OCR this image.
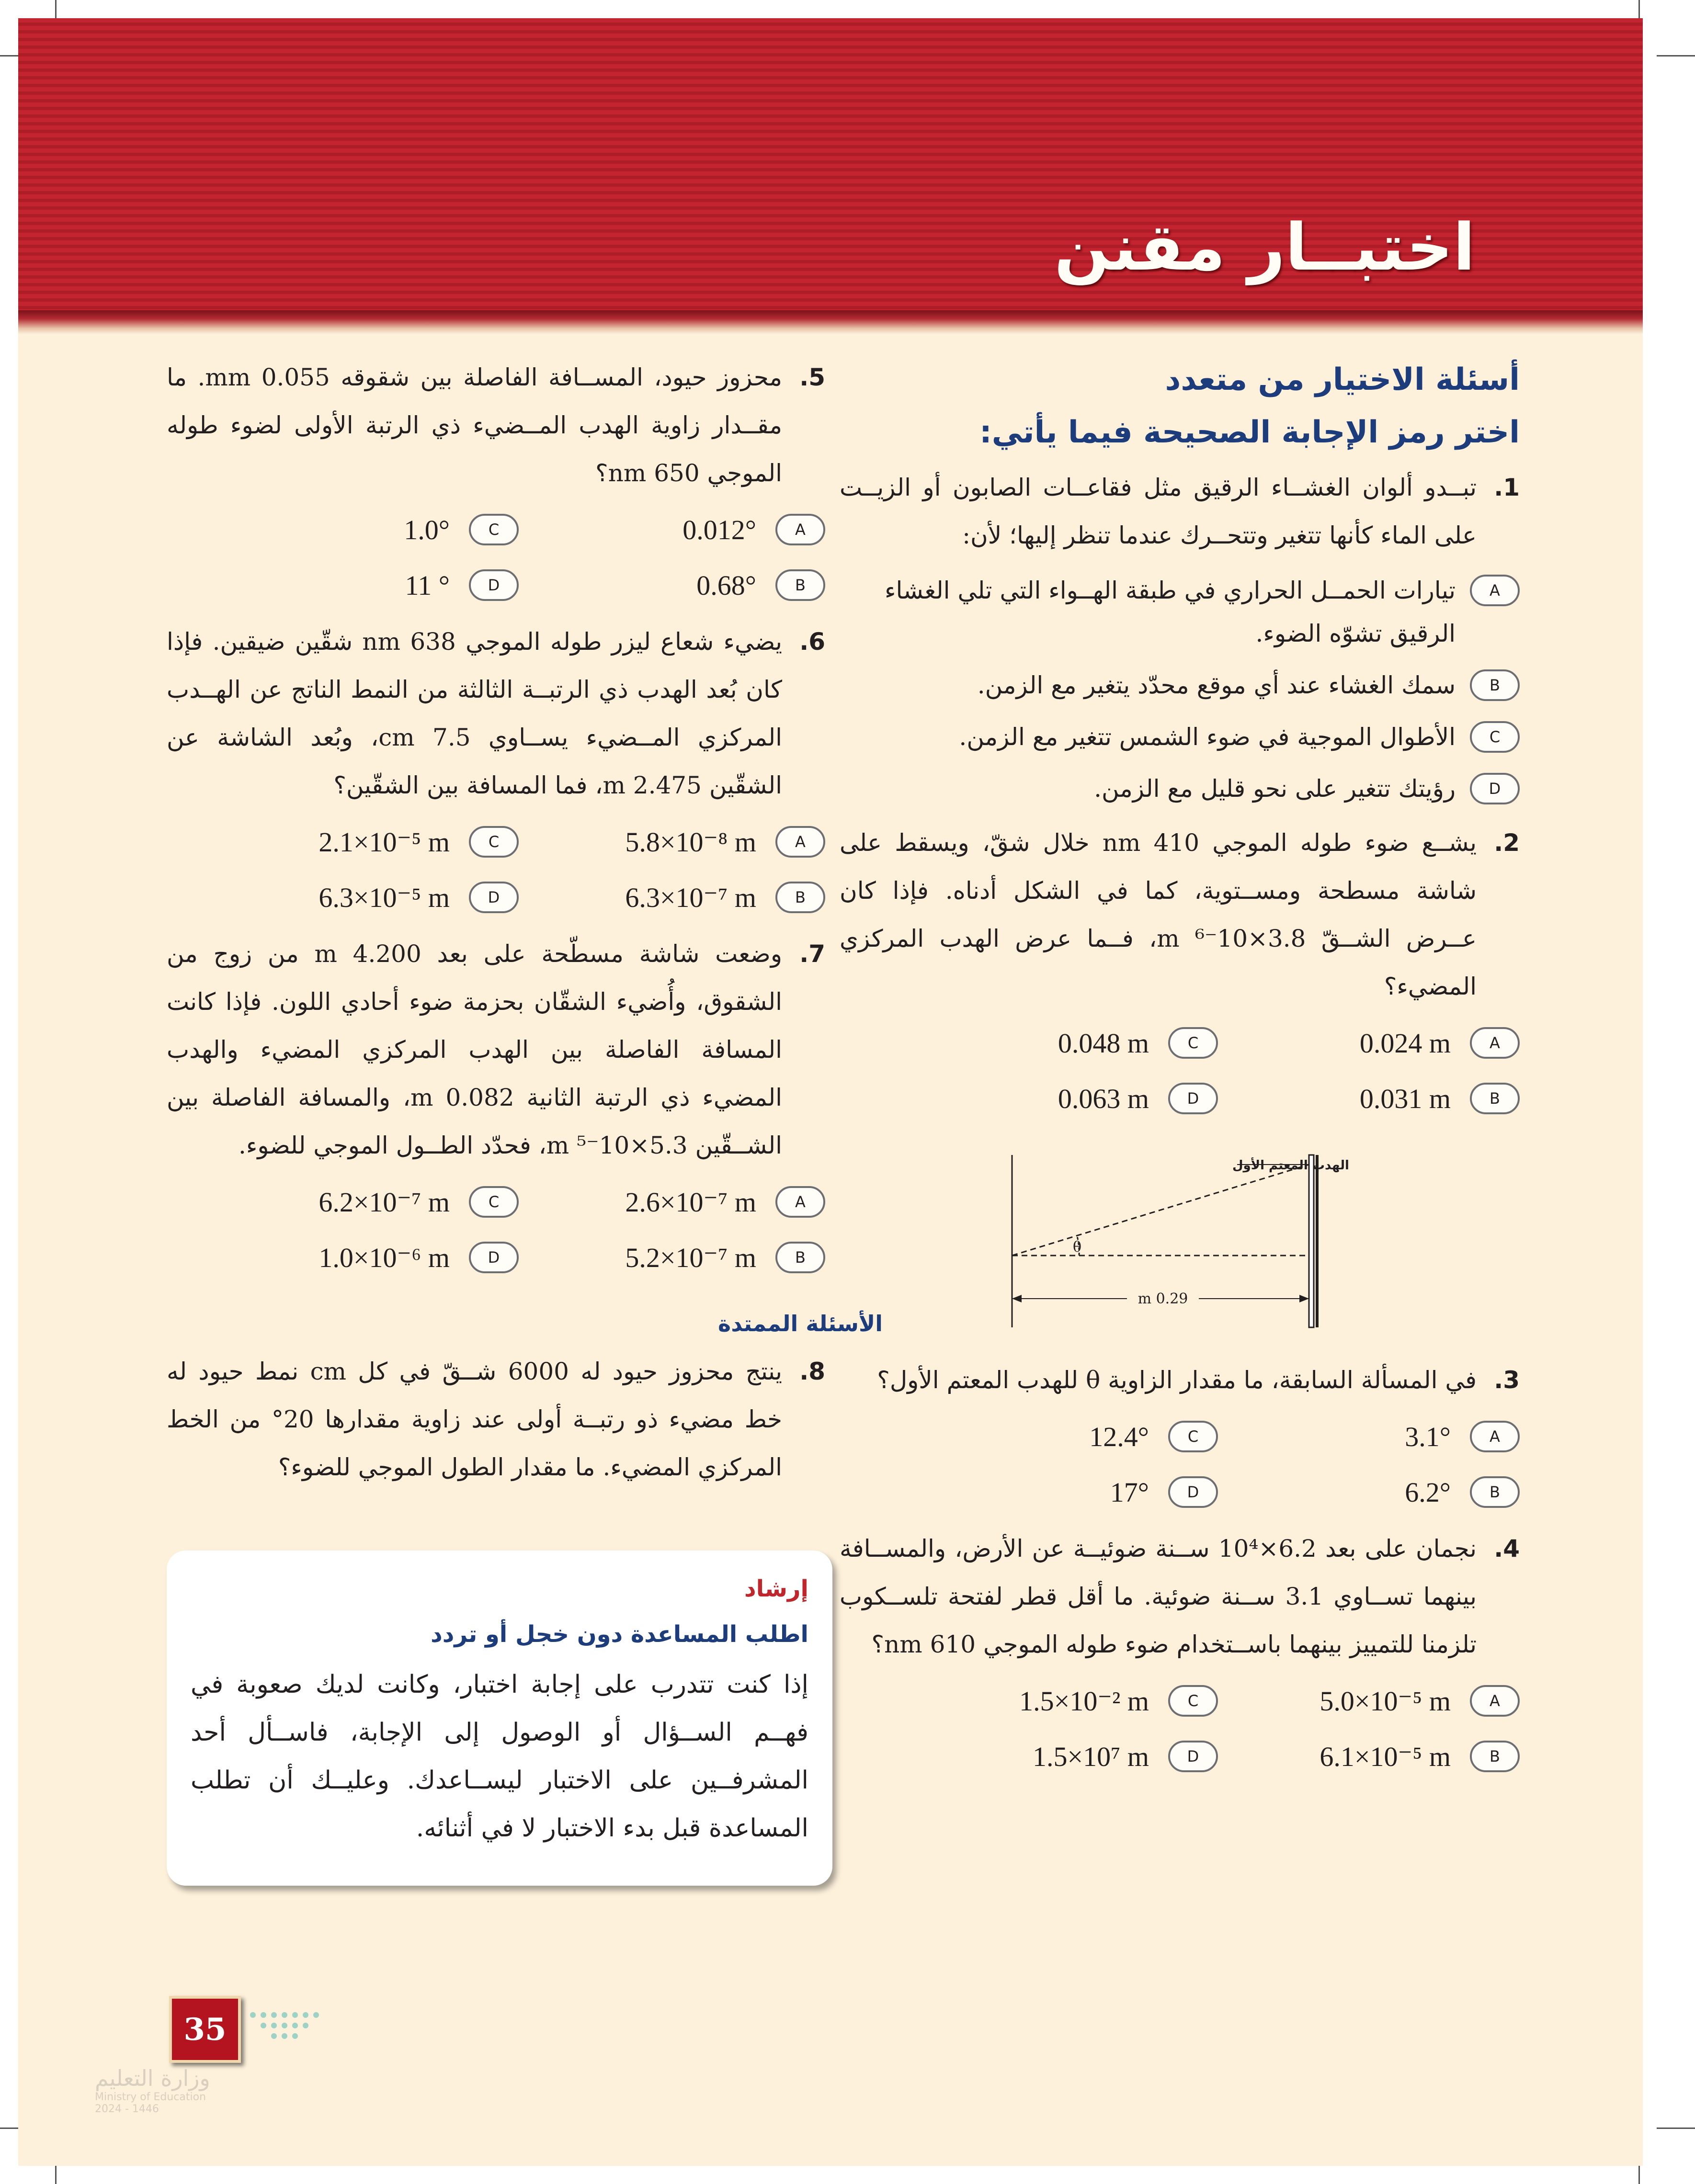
اختبــار مقنن
أسئلة الاختيار من متعدد
اختر رمز الإجابة الصحيحة فيما يأتي:
1.
تبــدو ألوان الغشــاء الرقيق مثل فقاعــات الصابون أو الزيــت على الماء كأنها تتغير وتتحــرك عندما تنظر إليها؛ لأن:
A
تيارات الحمــل الحراري في طبقة الهــواء التي تلي الغشاء الرقيق تشوّه الضوء.
B
سمك الغشاء عند أي موقع محدّد يتغير مع الزمن.
C
الأطوال الموجية في ضوء الشمس تتغير مع الزمن.
D
رؤيتك تتغير على نحو قليل مع الزمن.
2.
يشــع ضوء طوله الموجي 410 nm خلال شقّ، ويسقط على شاشة مسطحة ومســتوية، كما في الشكل أدناه. فإذا كان عــرض الشــقّ 3.8×10⁻⁶ m، فــما عرض الهدب المركزي المضيء؟
A
0.024 m
C
0.048 m
B
0.031 m
D
0.063 m
θ
الهدب المعتم الأول
0.29 m
3.
في المسألة السابقة، ما مقدار الزاوية θ للهدب المعتم الأول؟
A
3.1°
C
12.4°
B
6.2°
D
17°
4.
نجمان على بعد 6.2×10⁴ ســنة ضوئيــة عن الأرض، والمســافة بينهما تســاوي 3.1 ســنة ضوئية. ما أقل قطر لفتحة تلســكوب تلزمنا للتمييز بينهما باســتخدام ضوء طوله الموجي 610 nm؟
A
5.0×10⁻⁵ m
C
1.5×10⁻² m
B
6.1×10⁻⁵ m
D
1.5×10⁷ m
5.
محزوز حيود، المســافة الفاصلة بين شقوقه 0.055 mm. ما مقــدار زاوية الهدب المــضيء ذي الرتبة الأولى لضوء طوله الموجي 650 nm؟
A
0.012°
C
1.0°
B
0.68°
D
11 °
6.
يضيء شعاع ليزر طوله الموجي 638 nm شقّين ضيقين. فإذا كان بُعد الهدب ذي الرتبــة الثالثة من النمط الناتج عن الهــدب المركزي المــضيء يســاوي 7.5 cm، وبُعد الشاشة عن الشقّين 2.475 m، فما المسافة بين الشقّين؟
A
5.8×10⁻⁸ m
C
2.1×10⁻⁵ m
B
6.3×10⁻⁷ m
D
6.3×10⁻⁵ m
7.
وضعت شاشة مسطّحة على بعد 4.200 m من زوج من الشقوق، وأُضيء الشقّان بحزمة ضوء أحادي اللون. فإذا كانت المسافة الفاصلة بين الهدب المركزي المضيء والهدب المضيء ذي الرتبة الثانية 0.082 m، والمسافة الفاصلة بين الشــقّين 5.3×10⁻⁵ m، فحدّد الطــول الموجي للضوء.
A
2.6×10⁻⁷ m
C
6.2×10⁻⁷ m
B
5.2×10⁻⁷ m
D
1.0×10⁻⁶ m
الأسئلة الممتدة
8.
ينتج محزوز حيود له 6000 شــقّ في كل cm نمط حيود له خط مضيء ذو رتبــة أولى عند زاوية مقدارها 20° من الخط المركزي المضيء. ما مقدار الطول الموجي للضوء؟
إرشاد
اطلب المساعدة دون خجل أو تردد
إذا كنت تتدرب على إجابة اختبار، وكانت لديك صعوبة في فهــم الســؤال أو الوصول إلى الإجابة، فاســأل أحد المشرفــين على الاختبار ليســاعدك. وعليــك أن تطلب المساعدة قبل بدء الاختبار لا في أثنائه.
35
وزارة التعليم
Ministry of Education
2024 - 1446
